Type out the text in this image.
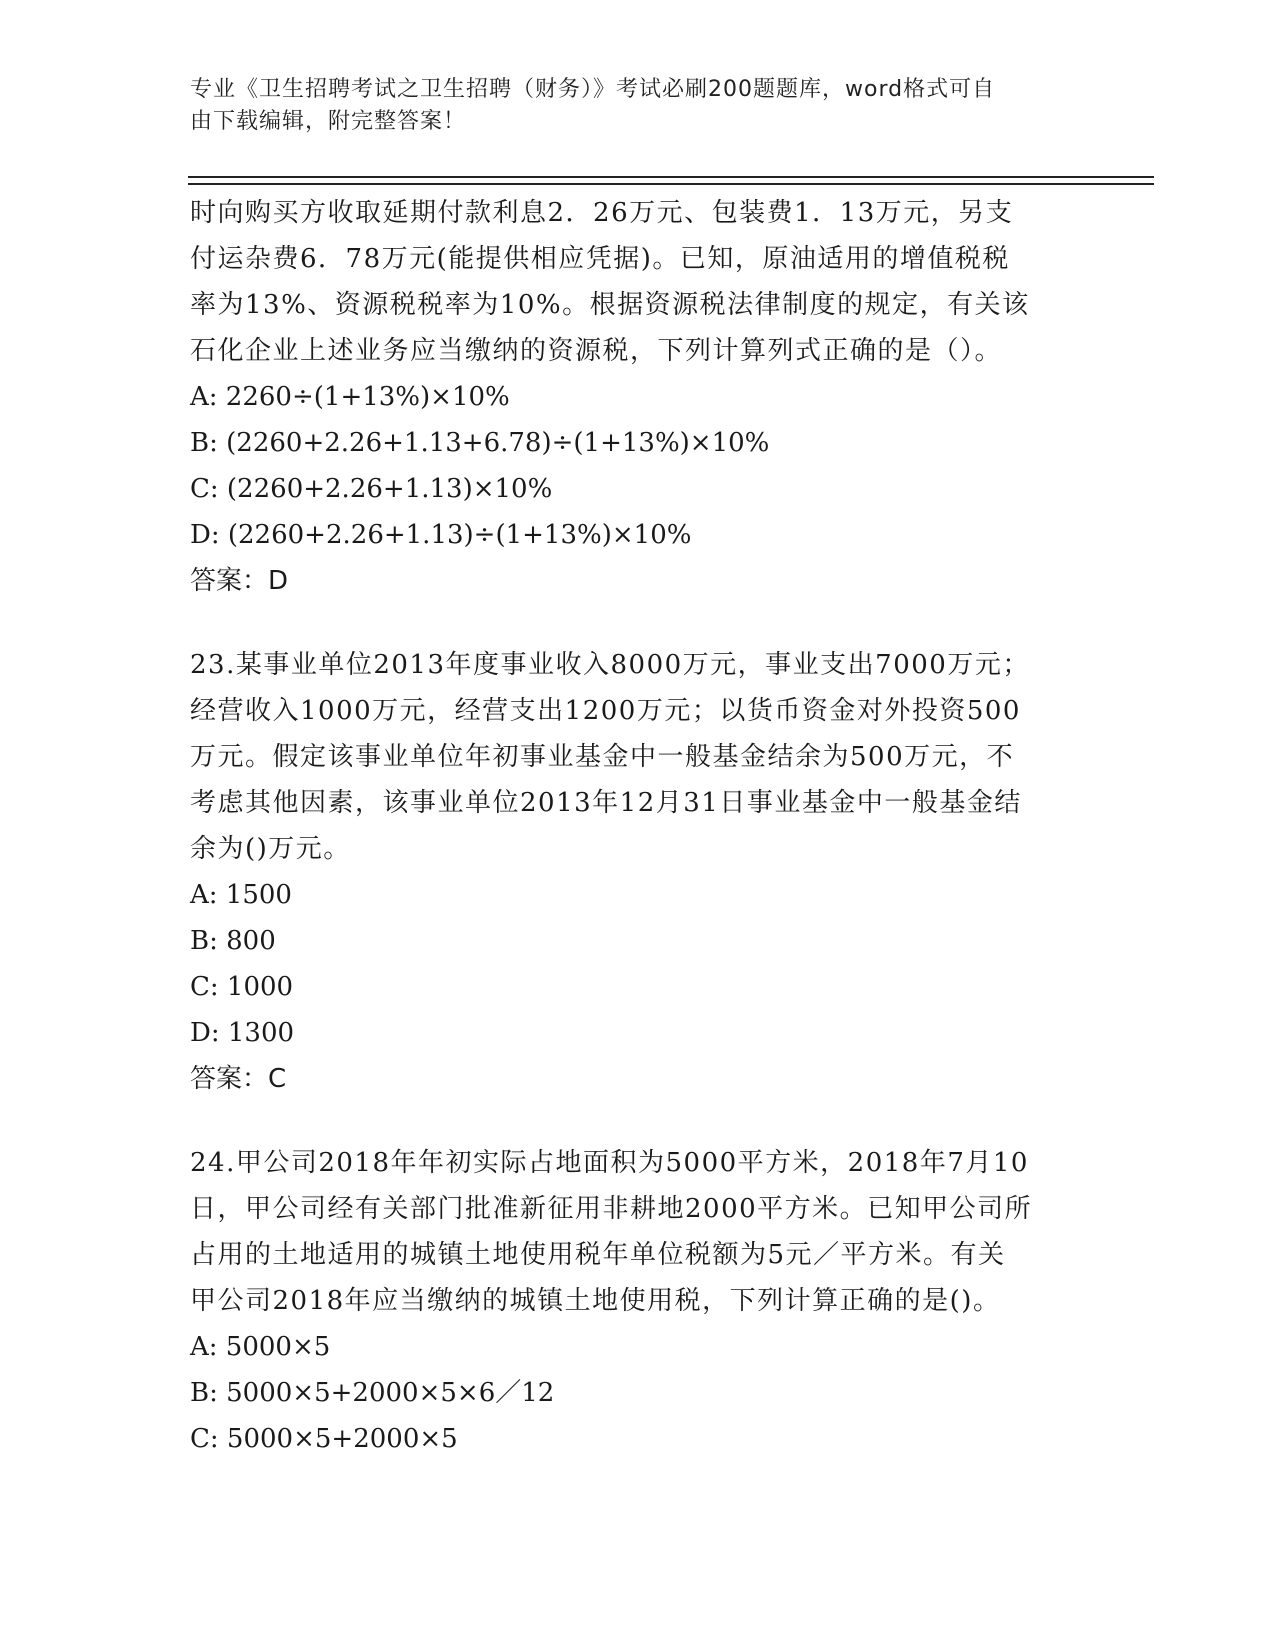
专业《卫生招聘考试之卫生招聘（财务）》考试必刷200题题库，word格式可自
由下载编辑，附完整答案！

时向购买方收取延期付款利息2．26万元、包装费1．13万元，另支

付运杂费6．78万元(能提供相应凭据)。已知，原油适用的增值税税

率为13%、资源税税率为10%。根据资源税法律制度的规定，有关该

石化企业上述业务应当缴纳的资源税，下列计算列式正确的是（）。

A: 2260÷(1+13%)×10%

B: (2260+2.26+1.13+6.78)÷(1+13%)×10%

C: (2260+2.26+1.13)×10%

D: (2260+2.26+1.13)÷(1+13%)×10%

答案：D

23.某事业单位2013年度事业收入8000万元，事业支出7000万元；

经营收入1000万元，经营支出1200万元；以货币资金对外投资500

万元。假定该事业单位年初事业基金中一般基金结余为500万元，不

考虑其他因素，该事业单位2013年12月31日事业基金中一般基金结

余为()万元。

A: 1500

B: 800

C: 1000

D: 1300

答案：C

24.甲公司2018年年初实际占地面积为5000平方米，2018年7月10

日，甲公司经有关部门批准新征用非耕地2000平方米。已知甲公司所

占用的土地适用的城镇土地使用税年单位税额为5元／平方米。有关

甲公司2018年应当缴纳的城镇土地使用税，下列计算正确的是()。

A: 5000×5

B: 5000×5+2000×5×6／12

C: 5000×5+2000×5
